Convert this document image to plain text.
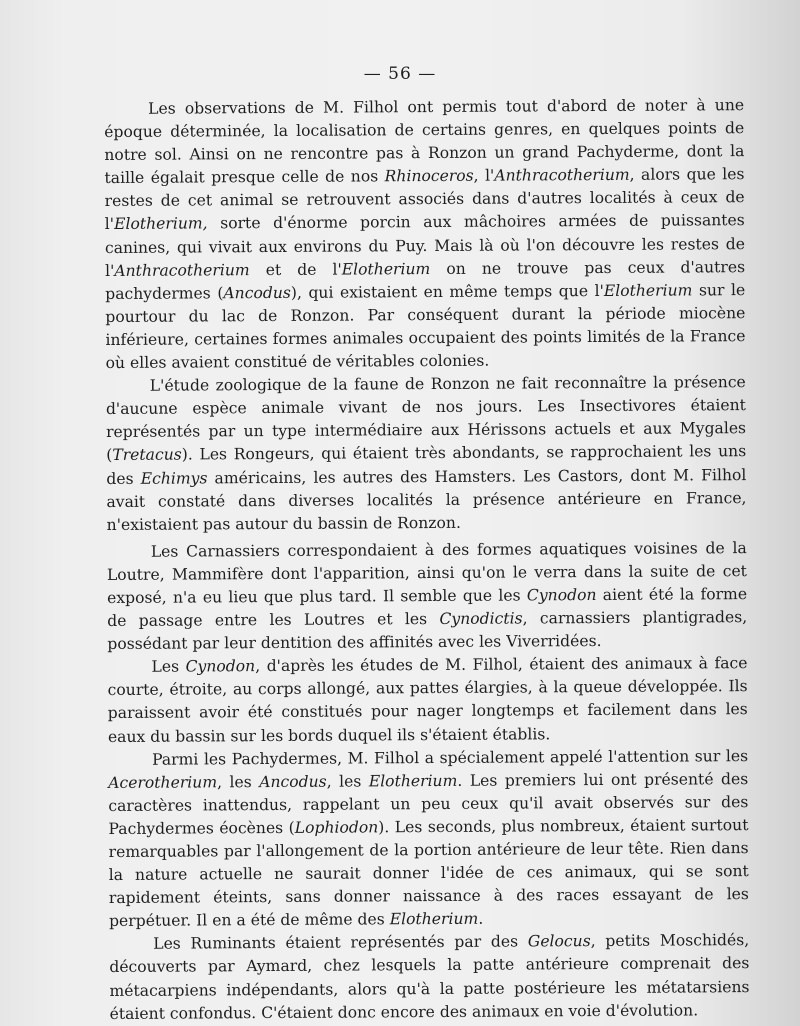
— 56 —

Les observations de M. Filhol ont permis tout d'abord de noter à une époque déterminée, la localisation de certains genres, en quelques points de notre sol. Ainsi on ne rencontre pas à Ronzon un grand Pachyderme, dont la taille égalait presque celle de nos Rhinoceros, l'Anthracotherium, alors que les restes de cet animal se retrouvent associés dans d'autres localités à ceux de l'Elotherium, sorte d'énorme porcin aux mâchoires armées de puissantes canines, qui vivait aux environs du Puy. Mais là où l'on découvre les restes de l'Anthracotherium et de l'Elotherium on ne trouve pas ceux d'autres pachydermes (Ancodus), qui existaient en même temps que l'Elotherium sur le pourtour du lac de Ronzon. Par conséquent durant la période miocène inférieure, certaines formes animales occupaient des points limités de la France où elles avaient constitué de véritables colonies.

L'étude zoologique de la faune de Ronzon ne fait reconnaître la présence d'aucune espèce animale vivant de nos jours. Les Insectivores étaient représentés par un type intermédiaire aux Hérissons actuels et aux Mygales (Tretacus). Les Rongeurs, qui étaient très abondants, se rapprochaient les uns des Echimys américains, les autres des Hamsters. Les Castors, dont M. Filhol avait constaté dans diverses localités la présence antérieure en France, n'existaient pas autour du bassin de Ronzon.

Les Carnassiers correspondaient à des formes aquatiques voisines de la Loutre, Mammifère dont l'apparition, ainsi qu'on le verra dans la suite de cet exposé, n'a eu lieu que plus tard. Il semble que les Cynodon aient été la forme de passage entre les Loutres et les Cynodictis, carnassiers plantigrades, possédant par leur dentition des affinités avec les Viverridées.

Les Cynodon, d'après les études de M. Filhol, étaient des animaux à face courte, étroite, au corps allongé, aux pattes élargies, à la queue développée. Ils paraissent avoir été constitués pour nager longtemps et facilement dans les eaux du bassin sur les bords duquel ils s'étaient établis.

Parmi les Pachydermes, M. Filhol a spécialement appelé l'attention sur les Acerotherium, les Ancodus, les Elotherium. Les premiers lui ont présenté des caractères inattendus, rappelant un peu ceux qu'il avait observés sur des Pachydermes éocènes (Lophiodon). Les seconds, plus nombreux, étaient surtout remarquables par l'allongement de la portion antérieure de leur tête. Rien dans la nature actuelle ne saurait donner l'idée de ces animaux, qui se sont rapidement éteints, sans donner naissance à des races essayant de les perpétuer. Il en a été de même des Elotherium.

Les Ruminants étaient représentés par des Gelocus, petits Moschidés, découverts par Aymard, chez lesquels la patte antérieure comprenait des métacarpiens indépendants, alors qu'à la patte postérieure les métatarsiens étaient confondus. C'étaient donc encore des animaux en voie d'évolution.
